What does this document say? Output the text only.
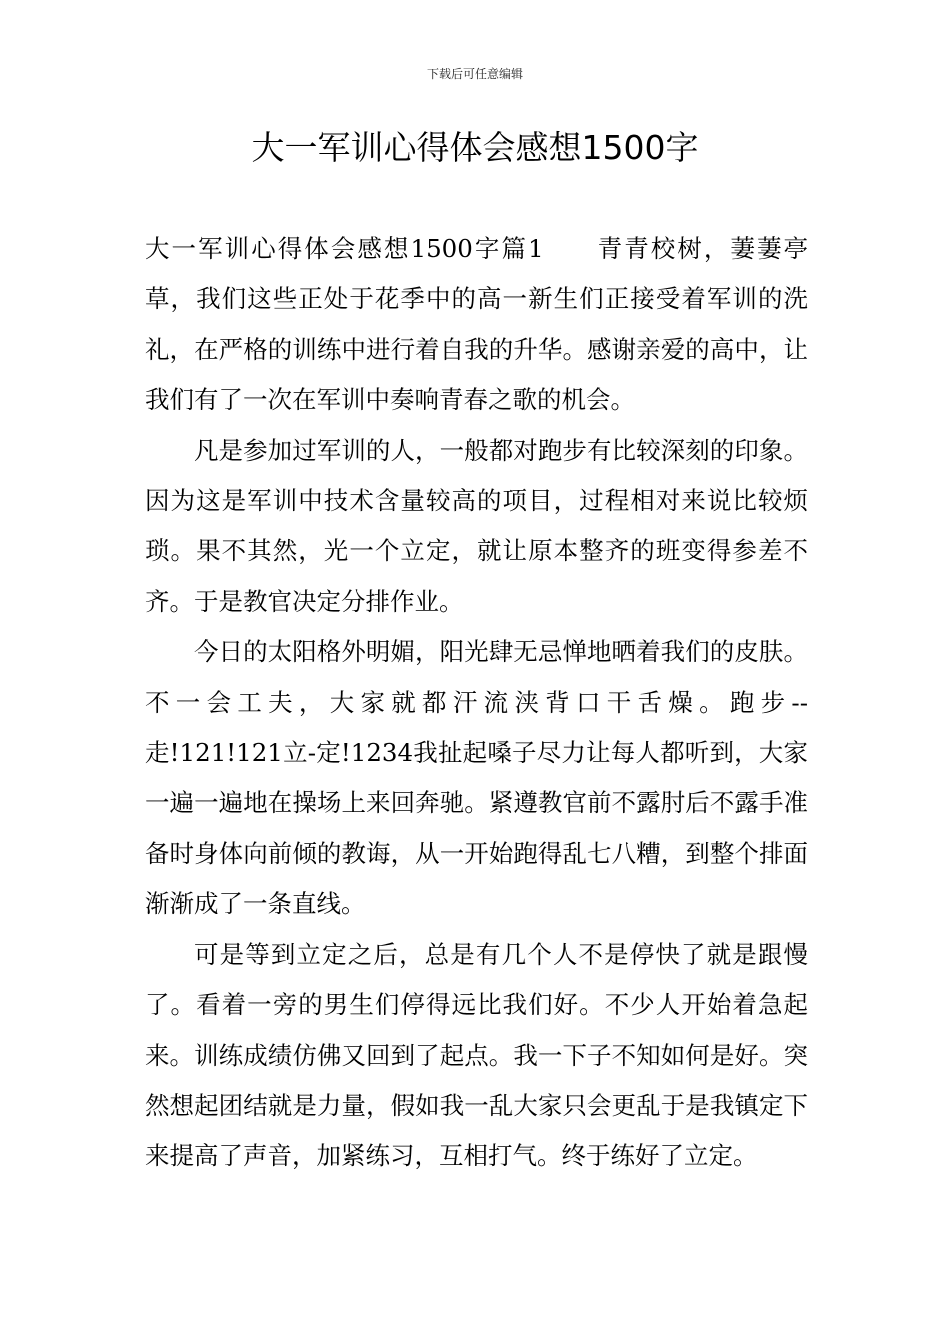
下载后可任意编辑
大一军训心得体会感想1500字

大一军训心得体会感想1500字篇1 青青校树，萋萋亭草，我们这些正处于花季中的高一新生们正接受着军训的洗礼，在严格的训练中进行着自我的升华。感谢亲爱的高中，让我们有了一次在军训中奏响青春之歌的机会。

凡是参加过军训的人，一般都对跑步有比较深刻的印象。因为这是军训中技术含量较高的项目，过程相对来说比较烦琐。果不其然，光一个立定，就让原本整齐的班变得参差不齐。于是教官决定分排作业。

今日的太阳格外明媚，阳光肆无忌惮地晒着我们的皮肤。不一会工夫，大家就都汗流浃背口干舌燥。跑步--走!121!121立-定!1234我扯起嗓子尽力让每人都听到，大家一遍一遍地在操场上来回奔驰。紧遵教官前不露肘后不露手准备时身体向前倾的教诲，从一开始跑得乱七八糟，到整个排面渐渐成了一条直线。

可是等到立定之后，总是有几个人不是停快了就是跟慢了。看着一旁的男生们停得远比我们好。不少人开始着急起来。训练成绩仿佛又回到了起点。我一下子不知如何是好。突然想起团结就是力量，假如我一乱大家只会更乱于是我镇定下来提高了声音，加紧练习，互相打气。终于练好了立定。
